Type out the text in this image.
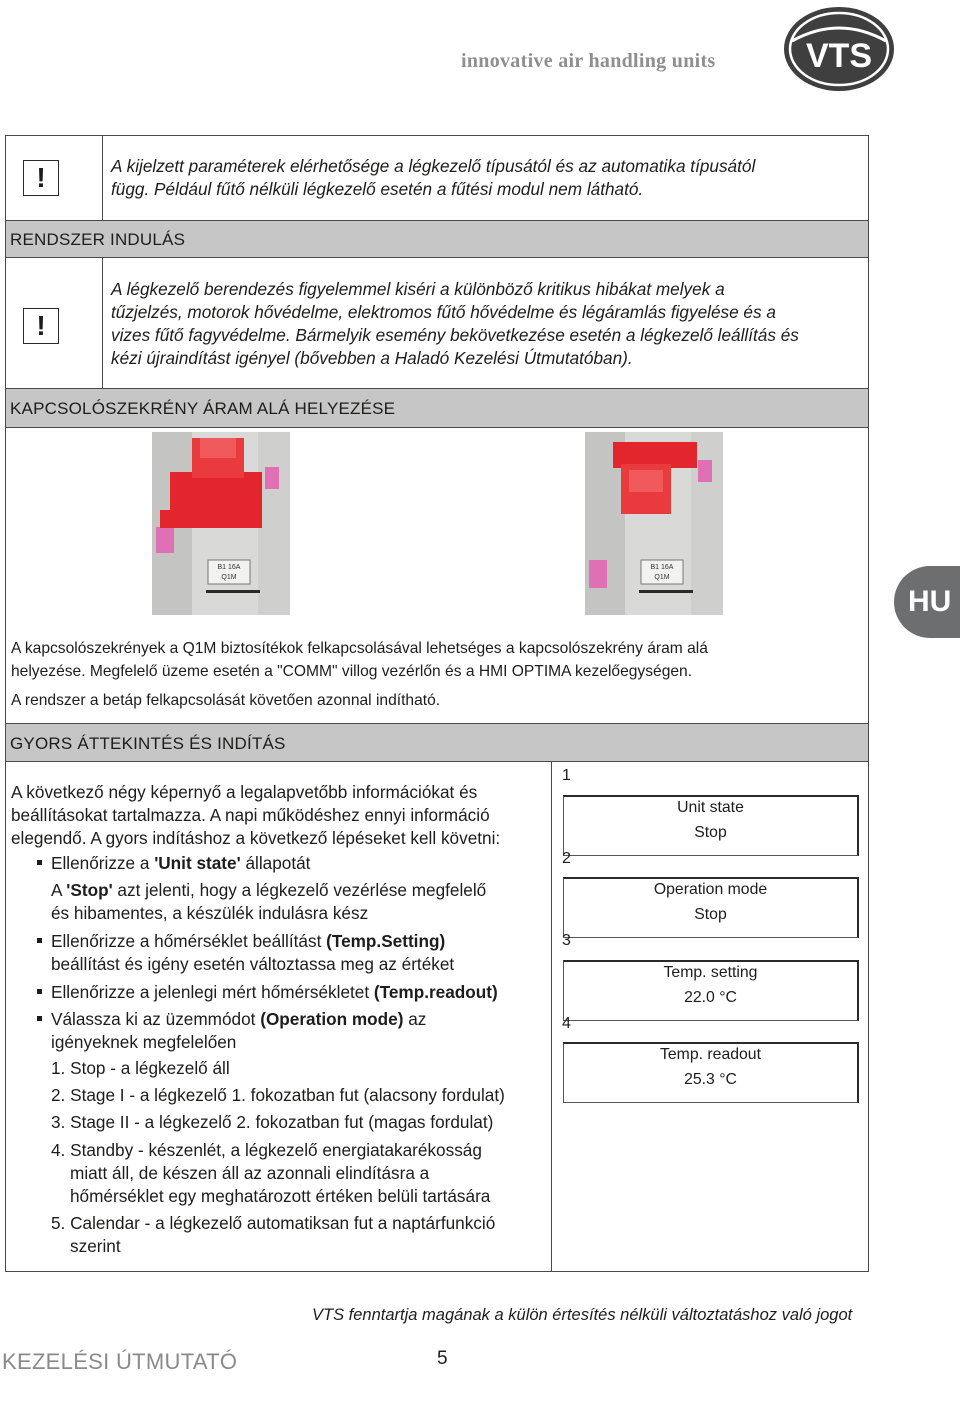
innovative air handling units	VTS
!	A kijelzett paraméterek elérhetősége a légkezelő típusától és az automatika típusától
függ. Például fűtő nélküli légkezelő esetén a fűtési modul nem látható.
RENDSZER INDULÁS
!
A légkezelő berendezés figyelemmel kiséri a különböző kritikus hibákat melyek a
tűzjelzés, motorok hővédelme, elektromos fűtő hővédelme és légáramlás figyelése és a
vizes fűtő fagyvédelme. Bármelyik esemény bekövetkezése esetén a légkezelő leállítás és
kézi újraindítást igényel (bővebben a Haladó Kezelési Útmutatóban).
KAPCSOLÓSZEKRÉNY ÁRAM ALÁ HELYEZÉSE
B1 16A
Q1M
B1 16A
Q1M
HU
A kapcsolószekrények a Q1M biztosítékok felkapcsolásával lehetséges a kapcsolószekrény áram alá
helyezése. Megfelelő üzeme esetén a "COMM" villog vezérlőn és a HMI OPTIMA kezelőegységen.
A rendszer a betáp felkapcsolását követően azonnal indítható.
GYORS ÁTTEKINTÉS ÉS INDÍTÁS
A következő négy képernyő a legalapvetőbb információkat és
beállításokat tartalmazza. A napi működéshez ennyi információ
elegendő. A gyors indításhoz a következő lépéseket kell követni:
Ellenőrizze a 'Unit state' állapotát
A 'Stop' azt jelenti, hogy a légkezelő vezérlése megfelelő
és hibamentes, a készülék indulásra kész
Ellenőrizze a hőmérséklet beállítást (Temp.Setting)
beállítást és igény esetén változtassa meg az értéket
Ellenőrizze a jelenlegi mért hőmérsékletet (Temp.readout)
Válassza ki az üzemmódot (Operation mode) az
igényeknek megfelelően
1. Stop - a légkezelő áll
2. Stage I - a légkezelő 1. fokozatban fut (alacsony fordulat)
3. Stage II - a légkezelő 2. fokozatban fut (magas fordulat)
4. Standby - készenlét, a légkezelő energiatakarékosság
miatt áll, de készen áll az azonnali elindításra a
hőmérséklet egy meghatározott értéken belüli tartására
5. Calendar - a légkezelő automatiksan fut a naptárfunkció
szerint
1
Unit state
Stop
2
Operation mode
Stop
3
Temp. setting
22.0 °C
4
Temp. readout
25.3 °C
VTS fenntartja magának a külön értesítés nélküli változtatáshoz való jogot
KEZELÉSI ÚTMUTATÓ	5
